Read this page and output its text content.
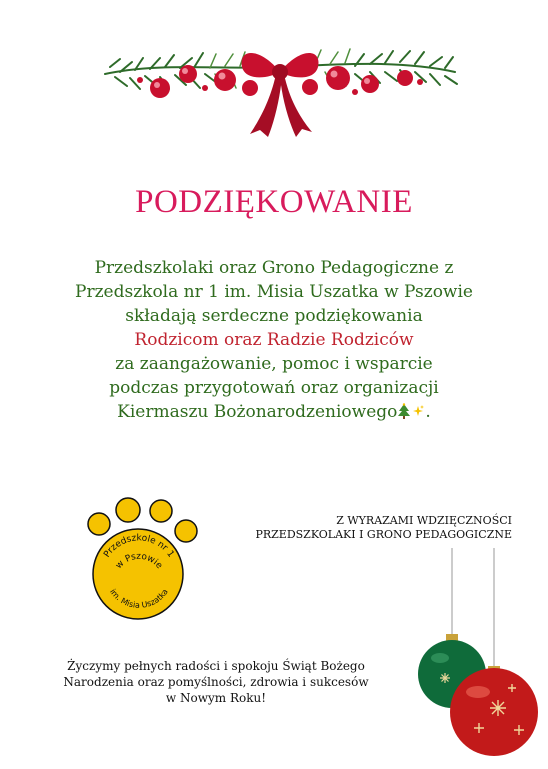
PODZIĘKOWANIE
Przedszkolaki oraz Grono Pedagogiczne z
Przedszkola nr 1 im. Misia Uszatka w Pszowie
składają serdeczne podziękowania
Rodzicom oraz Radzie Rodziców
za zaangażowanie, pomoc i wsparcie
podczas przygotowań oraz organizacji
Kiermaszu Bożonarodzeniowego .
Przedszkole nr 1
w Pszowie
im. Misia Uszatka
Z WYRAZAMI WDZIĘCZNOŚCI
PRZEDSZKOLAKI I GRONO PEDAGOGICZNE
Życzymy pełnych radości i spokoju Świąt Bożego
Narodzenia oraz pomyślności, zdrowia i sukcesów
w Nowym Roku!
